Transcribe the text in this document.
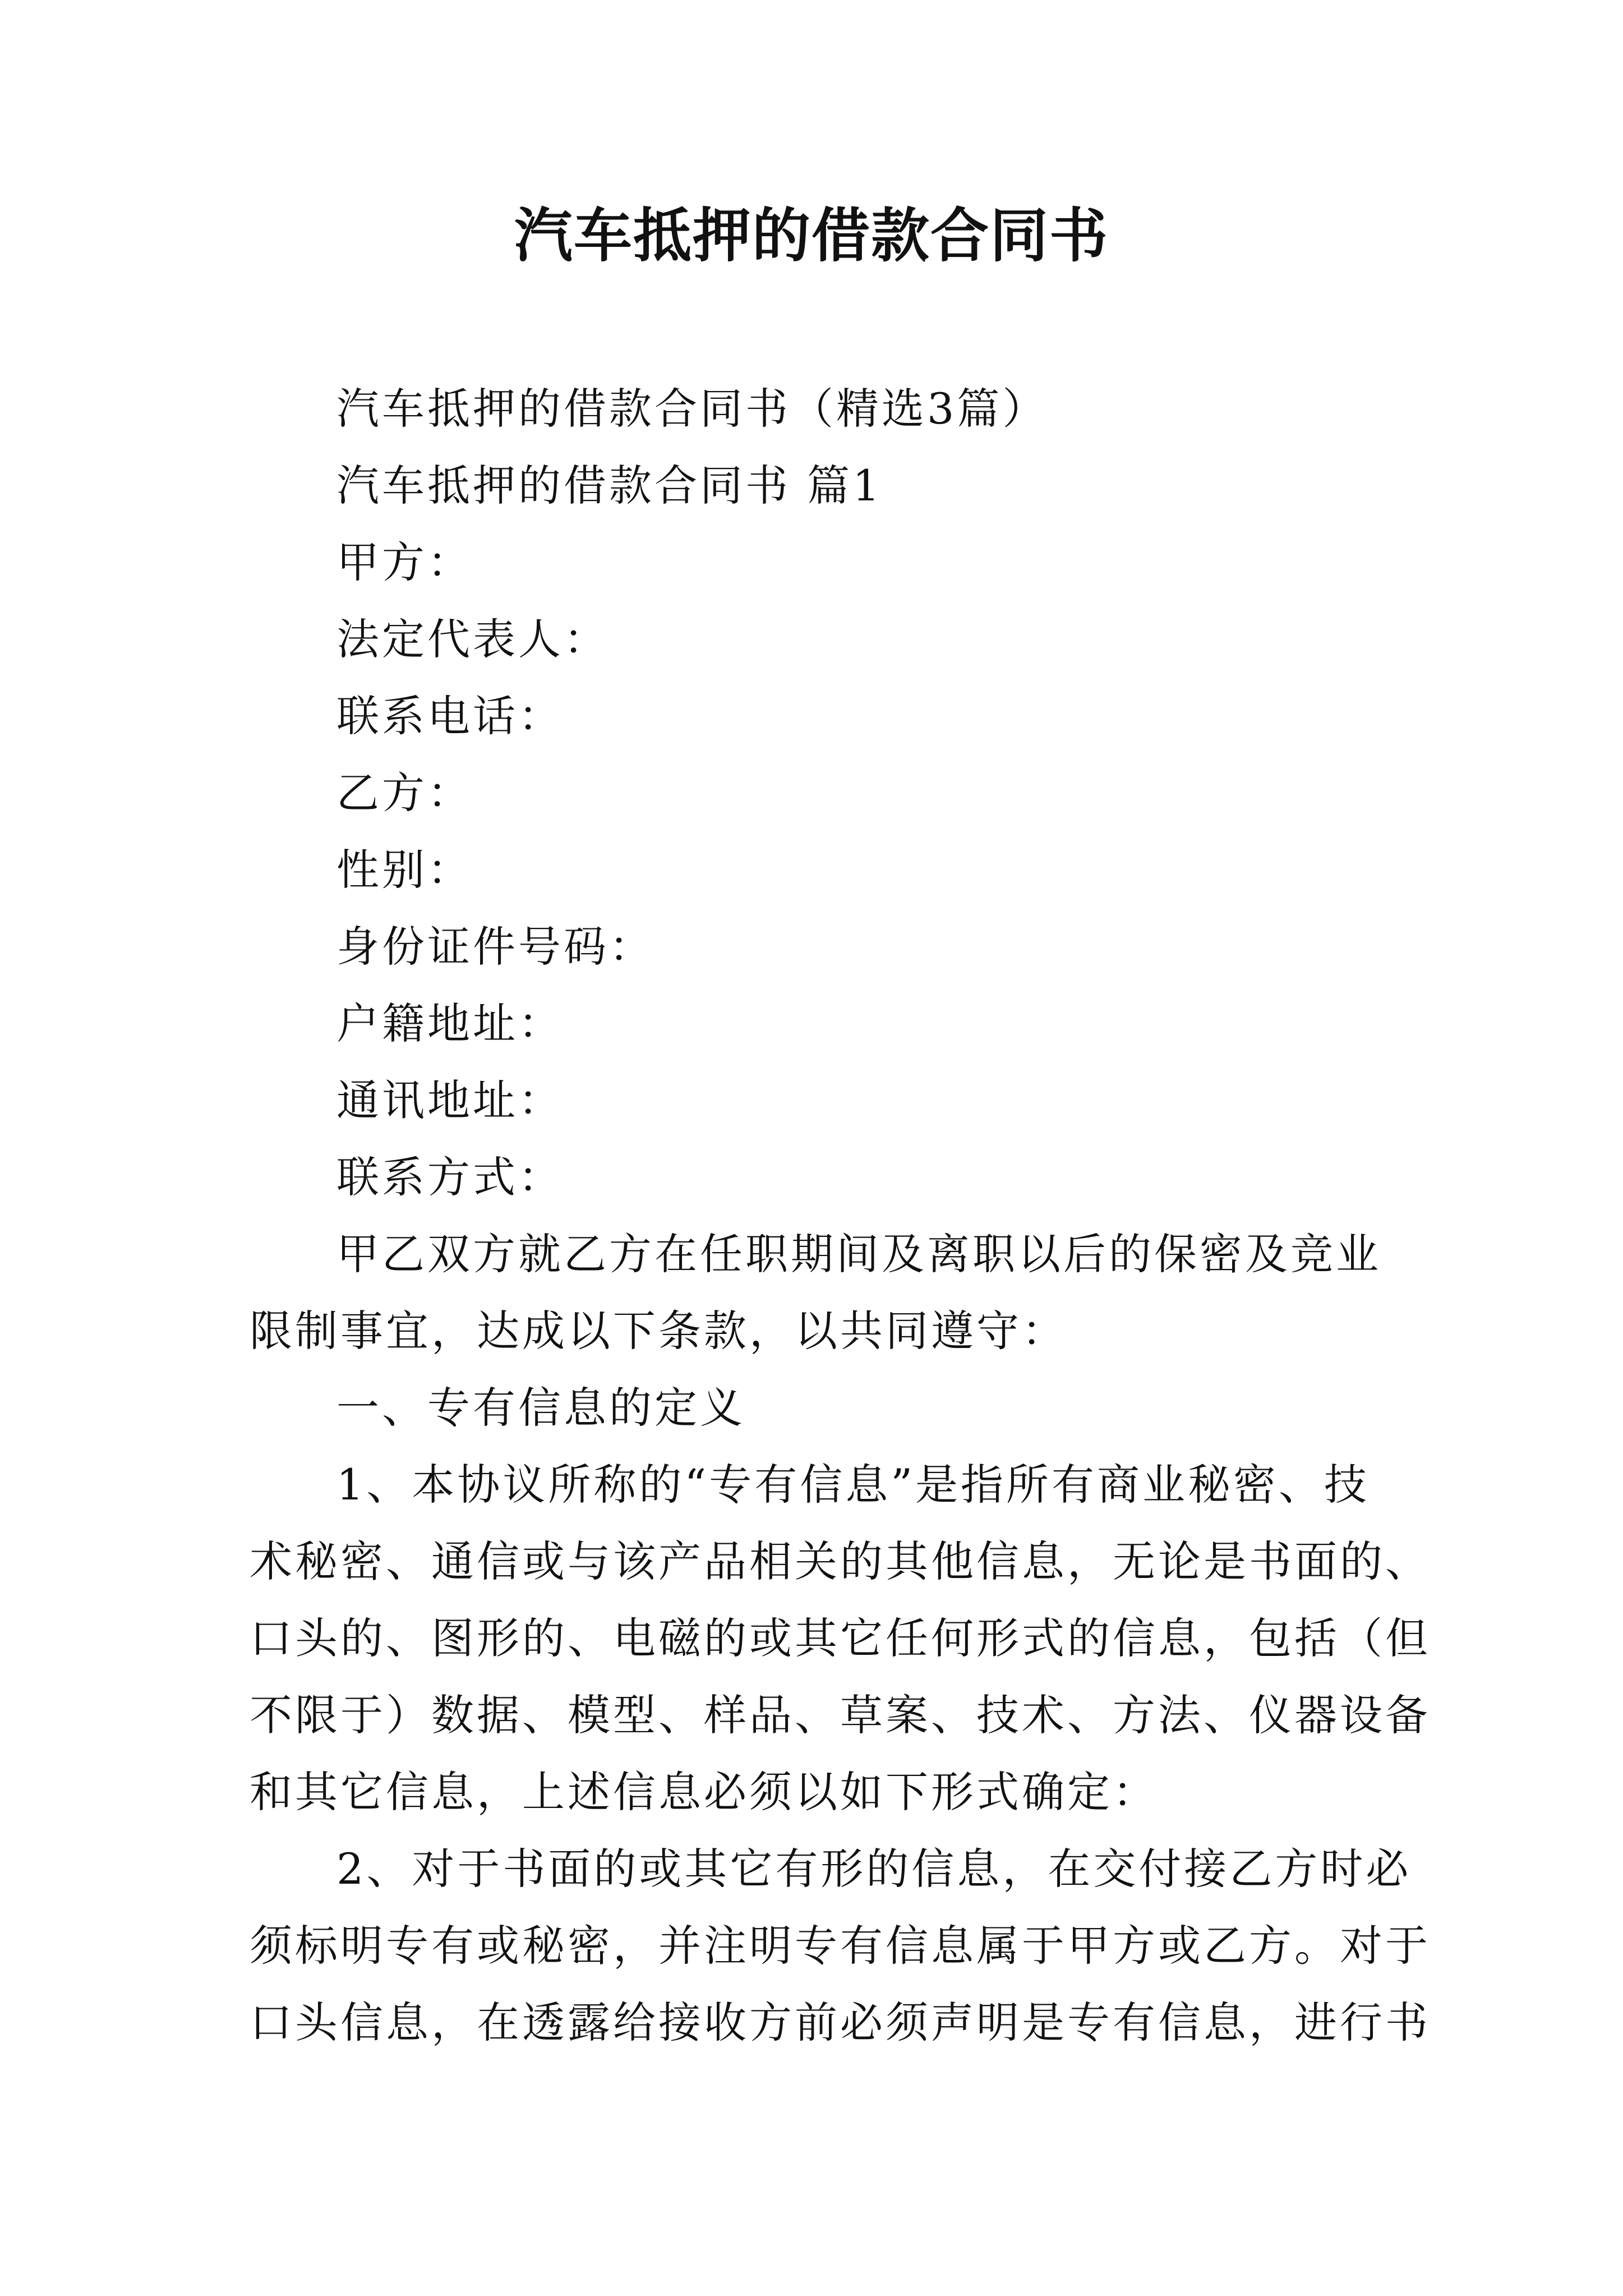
汽车抵押的借款合同书

汽车抵押的借款合同书（精选3篇）

汽车抵押的借款合同书 篇1

甲方：

法定代表人：

联系电话：

乙方：

性别：

身份证件号码：

户籍地址：

通讯地址：

联系方式：

甲乙双方就乙方在任职期间及离职以后的保密及竞业

限制事宜，达成以下条款，以共同遵守：

一、专有信息的定义

1、本协议所称的“专有信息”是指所有商业秘密、技

术秘密、通信或与该产品相关的其他信息，无论是书面的、

口头的、图形的、电磁的或其它任何形式的信息，包括（但

不限于）数据、模型、样品、草案、技术、方法、仪器设备

和其它信息，上述信息必须以如下形式确定：

2、对于书面的或其它有形的信息，在交付接乙方时必

须标明专有或秘密，并注明专有信息属于甲方或乙方。对于

口头信息，在透露给接收方前必须声明是专有信息，进行书
